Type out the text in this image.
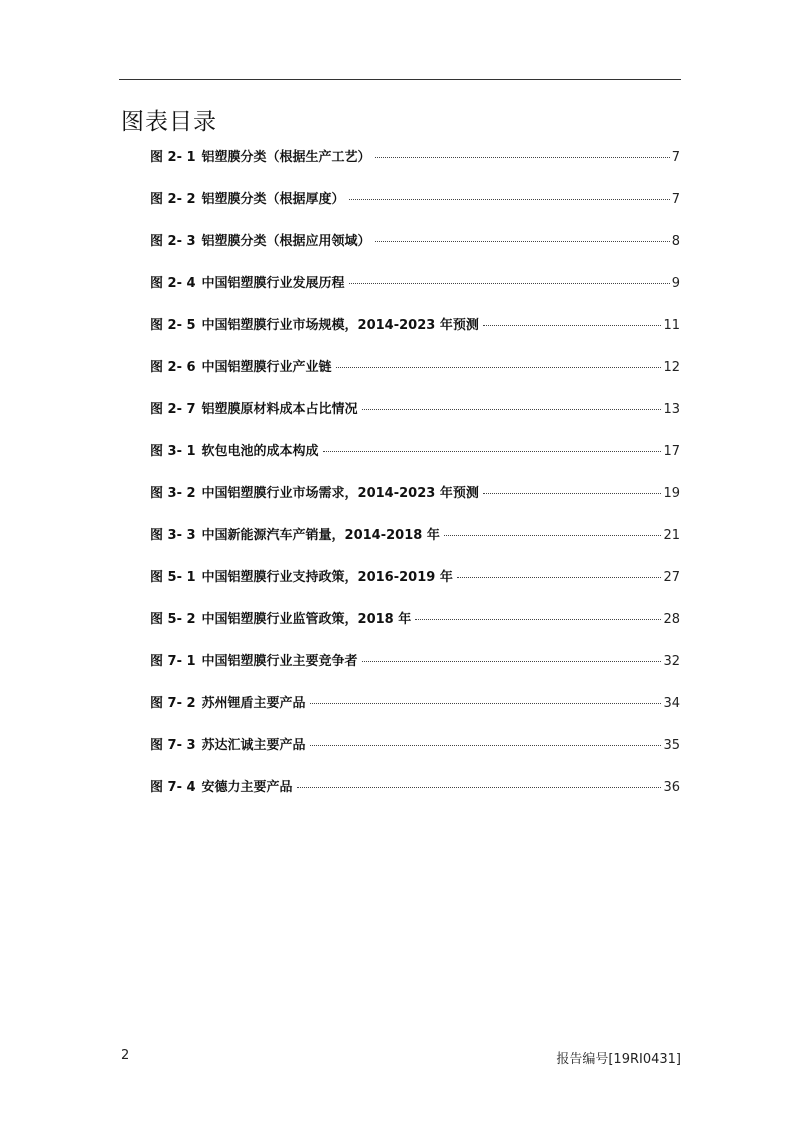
图表目录
图 2- 1 铝塑膜分类（根据生产工艺）	7
图 2- 2 铝塑膜分类（根据厚度）	7
图 2- 3 铝塑膜分类（根据应用领域）	8
图 2- 4 中国铝塑膜行业发展历程	9
图 2- 5 中国铝塑膜行业市场规模，2014-2023 年预测	11
图 2- 6 中国铝塑膜行业产业链	12
图 2- 7 铝塑膜原材料成本占比情况	13
图 3- 1 软包电池的成本构成	17
图 3- 2 中国铝塑膜行业市场需求，2014-2023 年预测	19
图 3- 3 中国新能源汽车产销量，2014-2018 年	21
图 5- 1 中国铝塑膜行业支持政策，2016-2019 年	27
图 5- 2 中国铝塑膜行业监管政策，2018 年	28
图 7- 1 中国铝塑膜行业主要竞争者	32
图 7- 2 苏州锂盾主要产品	34
图 7- 3 苏达汇诚主要产品	35
图 7- 4 安德力主要产品	36
2	报告编号[19RI0431]
